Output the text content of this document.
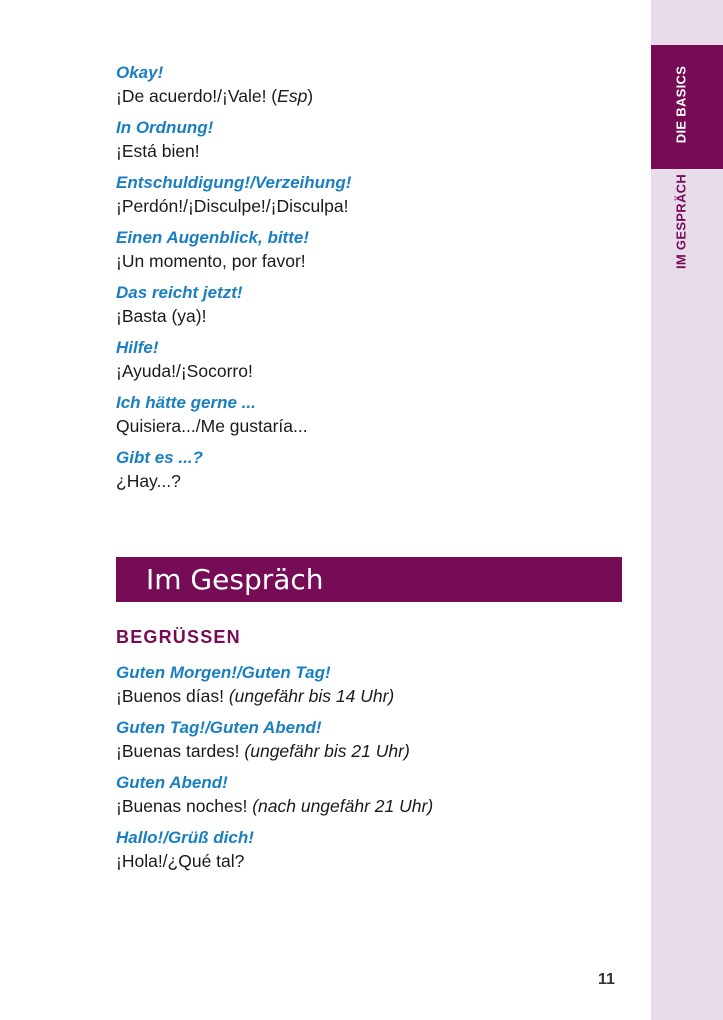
DIE BASICS
IM GESPRÄCH
Okay!
¡De acuerdo!/¡Vale! (Esp)
In Ordnung!
¡Está bien!
Entschuldigung!/Verzeihung!
¡Perdón!/¡Disculpe!/¡Disculpa!
Einen Augenblick, bitte!
¡Un momento, por favor!
Das reicht jetzt!
¡Basta (ya)!
Hilfe!
¡Ayuda!/¡Socorro!
Ich hätte gerne ...
Quisiera.../Me gustaría...
Gibt es ...?
¿Hay...?
Im Gespräch
BEGRÜSSEN
Guten Morgen!/Guten Tag!
¡Buenos días! (ungefähr bis 14 Uhr)
Guten Tag!/Guten Abend!
¡Buenas tardes! (ungefähr bis 21 Uhr)
Guten Abend!
¡Buenas noches! (nach ungefähr 21 Uhr)
Hallo!/Grüß dich!
¡Hola!/¿Qué tal?
11
